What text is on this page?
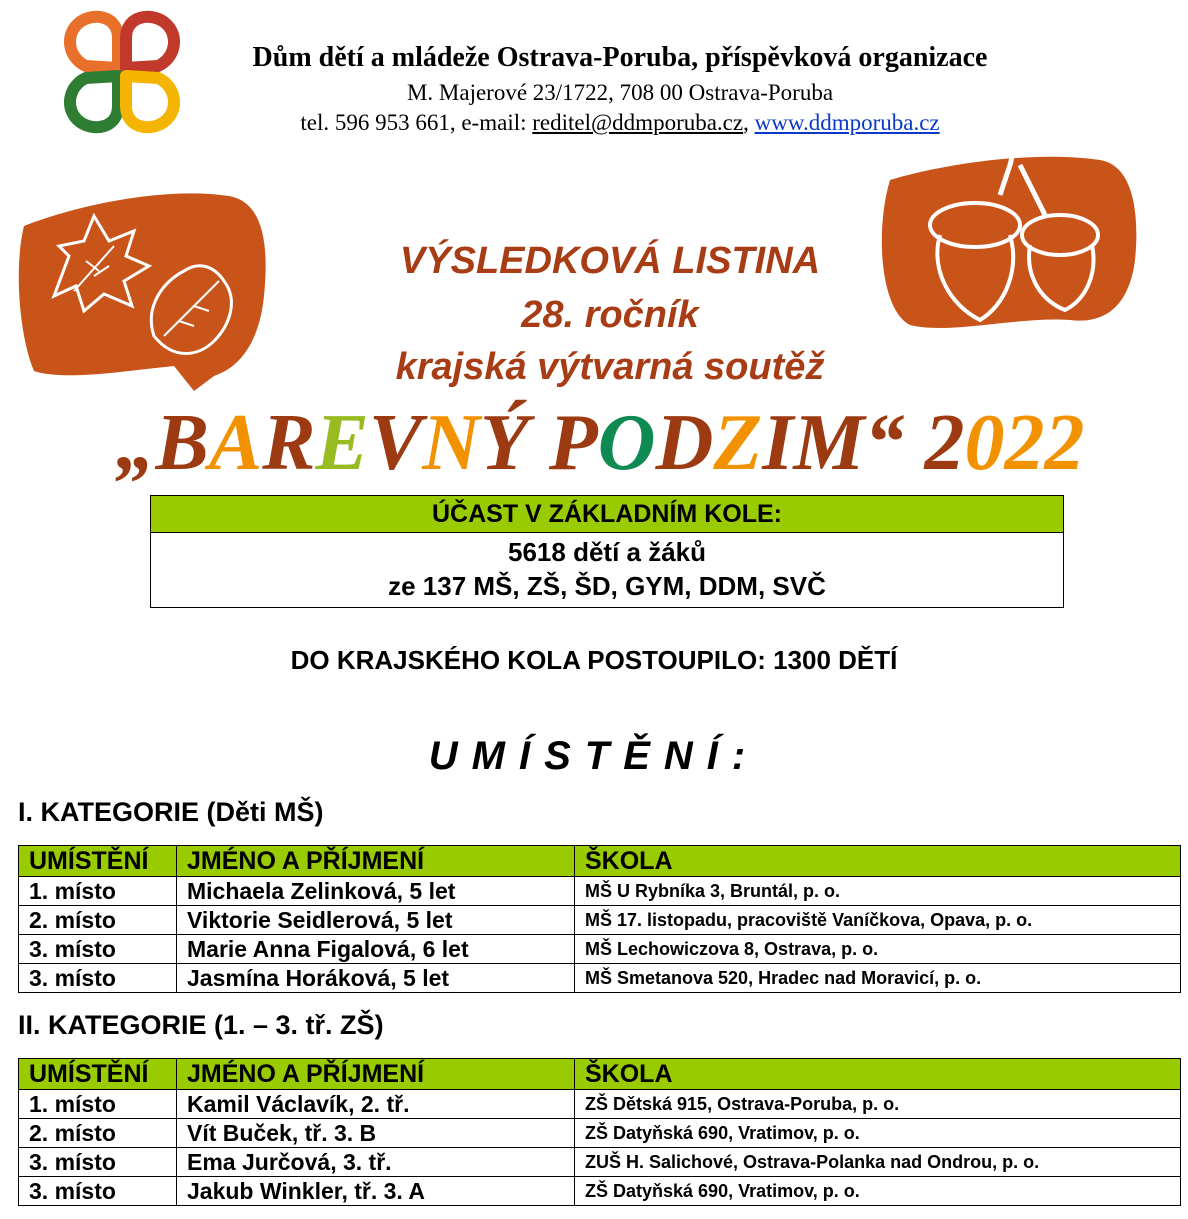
Dům dětí a mládeže Ostrava-Poruba, příspěvková organizace
M. Majerové 23/1722, 708 00 Ostrava-Poruba
tel. 596 953 661, e-mail: reditel@ddmporuba.cz, www.ddmporuba.cz
VÝSLEDKOVÁ LISTINA
28. ročník
krajská výtvarná soutěž
„BAREVNÝ PODZIM“ 2022
ÚČAST V ZÁKLADNÍM KOLE:
5618 dětí a žáků
ze 137 MŠ, ZŠ, ŠD, GYM, DDM, SVČ
DO KRAJSKÉHO KOLA POSTOUPILO: 1300 DĚTÍ
UMÍSTĚNÍ:
I. KATEGORIE (Děti MŠ)
UMÍSTĚNÍ	JMÉNO A PŘÍJMENÍ	ŠKOLA
1. místo	Michaela Zelinková, 5 let	MŠ U Rybníka 3, Bruntál, p. o.
2. místo	Viktorie Seidlerová, 5 let	MŠ 17. listopadu, pracoviště Vaníčkova, Opava, p. o.
3. místo	Marie Anna Figalová, 6 let	MŠ Lechowiczova 8, Ostrava, p. o.
3. místo	Jasmína Horáková, 5 let	MŠ Smetanova 520, Hradec nad Moravicí, p. o.
II. KATEGORIE (1. – 3. tř. ZŠ)
UMÍSTĚNÍ	JMÉNO A PŘÍJMENÍ	ŠKOLA
1. místo	Kamil Václavík, 2. tř.	ZŠ Dětská 915, Ostrava-Poruba, p. o.
2. místo	Vít Buček, tř. 3. B	ZŠ Datyňská 690, Vratimov, p. o.
3. místo	Ema Jurčová, 3. tř.	ZUŠ H. Salichové, Ostrava-Polanka nad Ondrou, p. o.
3. místo	Jakub Winkler, tř. 3. A	ZŠ Datyňská 690, Vratimov, p. o.
